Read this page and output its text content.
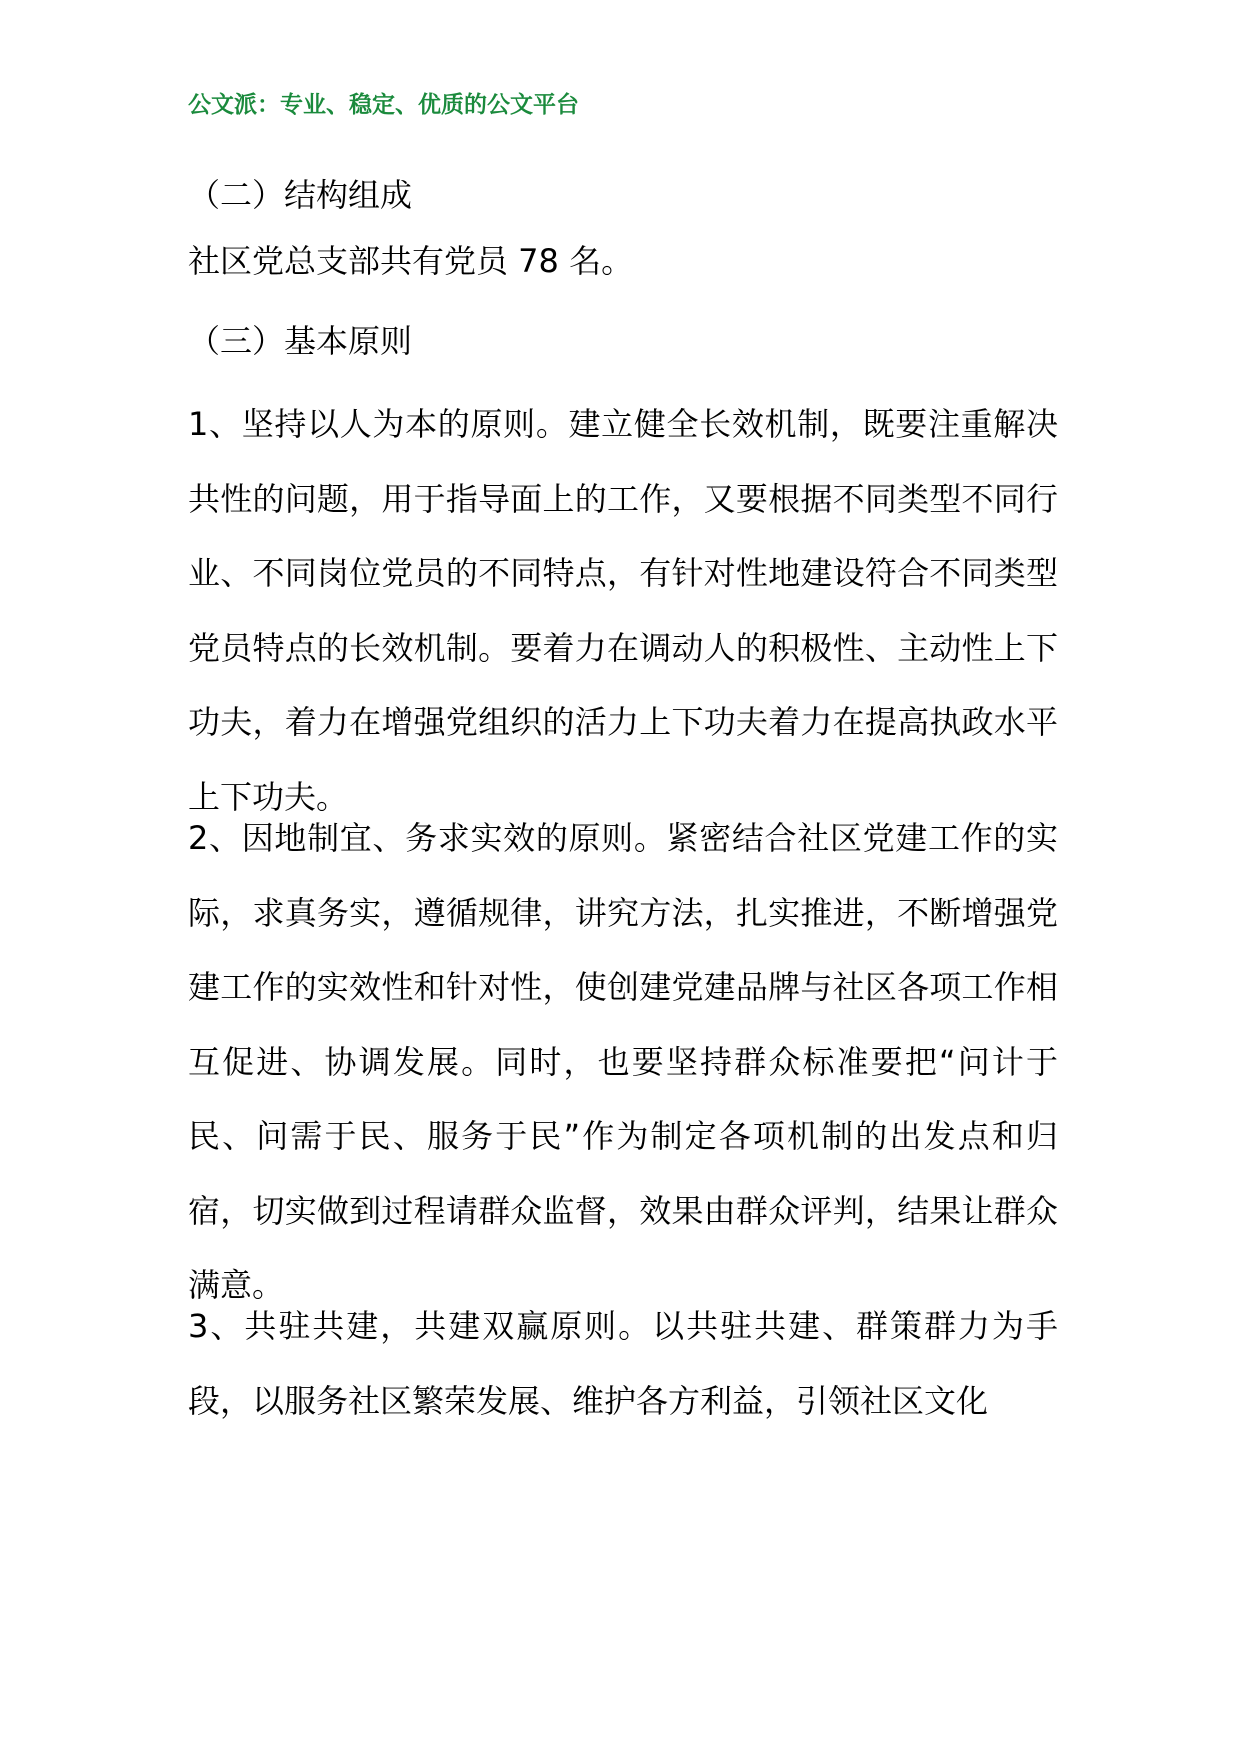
公文派：专业、稳定、优质的公文平台

（二）结构组成

社区党总支部共有党员 78 名。

（三）基本原则

1、坚持以人为本的原则。建立健全长效机制，既要注重解决共性的问题，用于指导面上的工作，又要根据不同类型不同行业、不同岗位党员的不同特点，有针对性地建设符合不同类型党员特点的长效机制。要着力在调动人的积极性、主动性上下功夫，着力在增强党组织的活力上下功夫着力在提高执政水平上下功夫。

2、因地制宜、务求实效的原则。紧密结合社区党建工作的实际，求真务实，遵循规律，讲究方法，扎实推进，不断增强党建工作的实效性和针对性，使创建党建品牌与社区各项工作相互促进、协调发展。同时，也要坚持群众标准要把“问计于民、问需于民、服务于民”作为制定各项机制的出发点和归宿，切实做到过程请群众监督，效果由群众评判，结果让群众满意。

3、共驻共建，共建双赢原则。以共驻共建、群策群力为手段，以服务社区繁荣发展、维护各方利益，引领社区文化
